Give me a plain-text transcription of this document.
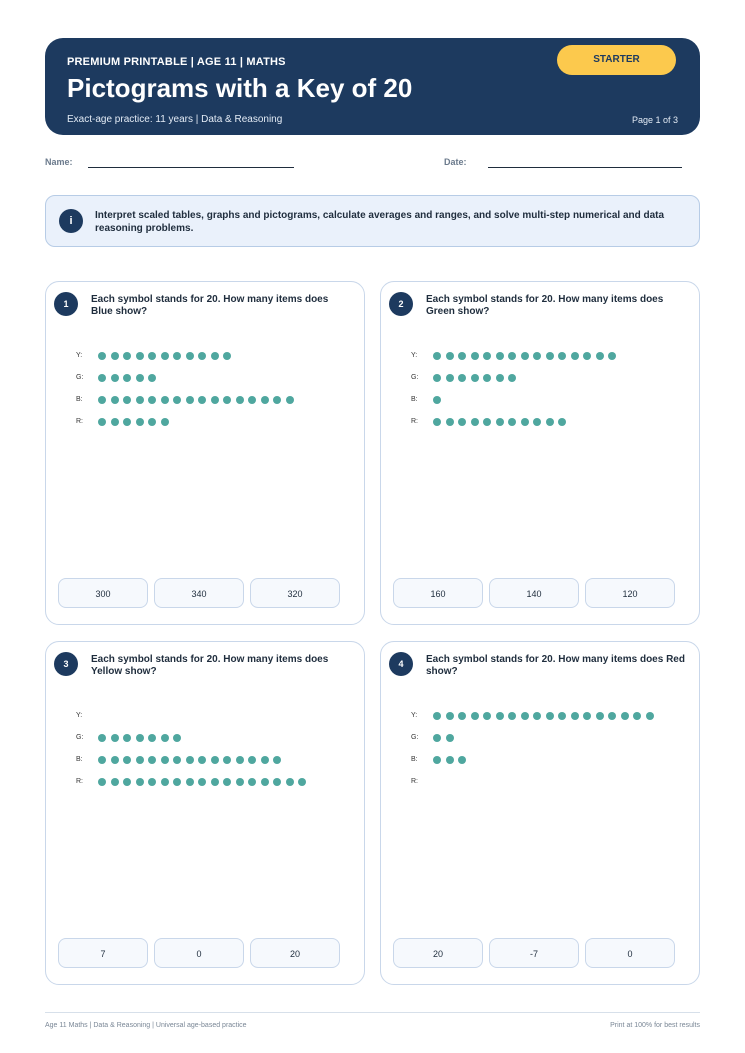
PREMIUM PRINTABLE | AGE 11 | MATHS
Pictograms with a Key of 20
Exact-age practice: 11 years | Data & Reasoning	Page 1 of 3
STARTER
Name:	Date:
i	Interpret scaled tables, graphs and pictograms, calculate averages and ranges, and solve multi-step numerical and data reasoning problems.
1	Each symbol stands for 20. How many items does Blue show?
Y:
G:
B:
R:
300	340	320
2	Each symbol stands for 20. How many items does Green show?
Y:
G:
B:
R:
160	140	120
3	Each symbol stands for 20. How many items does Yellow show?
Y:
G:
B:
R:
7	0	20
4	Each symbol stands for 20. How many items does Red show?
Y:
G:
B:
R:
20	-7	0
Age 11 Maths | Data & Reasoning | Universal age-based practice	Print at 100% for best results
